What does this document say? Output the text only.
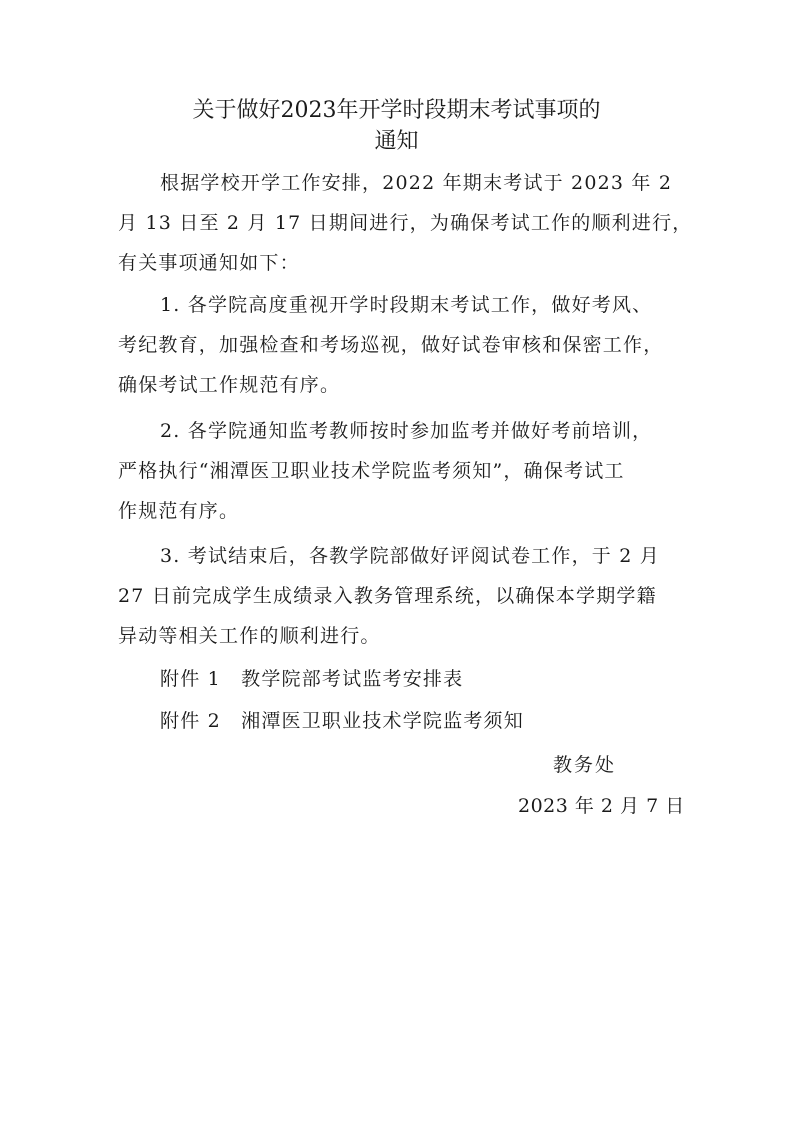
关于做好2023年开学时段期末考试事项的
通知
根据学校开学工作安排，2022 年期末考试于 2023 年 2
月 13 日至 2 月 17 日期间进行，为确保考试工作的顺利进行，
有关事项通知如下：
1. 各学院高度重视开学时段期末考试工作，做好考风、
考纪教育，加强检查和考场巡视，做好试卷审核和保密工作，
确保考试工作规范有序。
2. 各学院通知监考教师按时参加监考并做好考前培训，
严格执行“湘潭医卫职业技术学院监考须知”，确保考试工
作规范有序。
3. 考试结束后，各教学院部做好评阅试卷工作，于 2 月
27 日前完成学生成绩录入教务管理系统，以确保本学期学籍
异动等相关工作的顺利进行。
附件 1　教学院部考试监考安排表
附件 2　湘潭医卫职业技术学院监考须知
教务处
2023 年 2 月 7 日
